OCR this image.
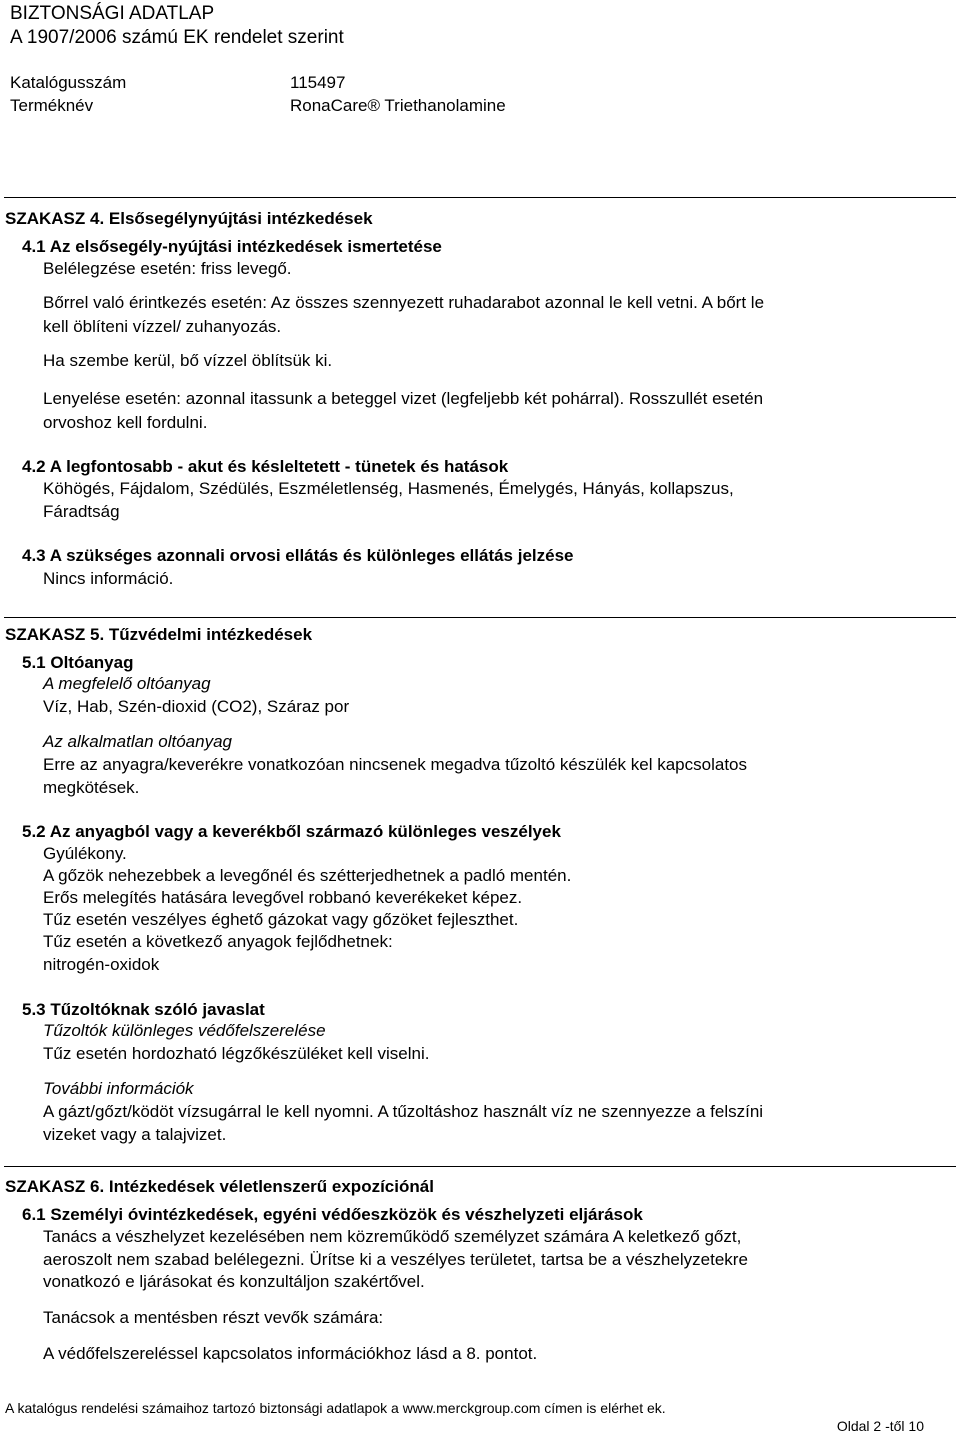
BIZTONSÁGI ADATLAP
A 1907/2006 számú EK rendelet szerint
Katalógusszám	115497
Terméknév	RonaCare® Triethanolamine
SZAKASZ 4. Elsősegélynyújtási intézkedések
4.1 Az elsősegély-nyújtási intézkedések ismertetése
Belélegzése esetén: friss levegő.
Bőrrel való érintkezés esetén: Az összes szennyezett ruhadarabot azonnal le kell vetni. A bőrt le
kell öblíteni vízzel/ zuhanyozás.
Ha szembe kerül, bő vízzel öblítsük ki.
Lenyelése esetén: azonnal itassunk a beteggel vizet (legfeljebb két pohárral). Rosszullét esetén
orvoshoz kell fordulni.
4.2 A legfontosabb - akut és késleltetett - tünetek és hatások
Köhögés, Fájdalom, Szédülés, Eszméletlenség, Hasmenés, Émelygés, Hányás, kollapszus,
Fáradtság
4.3 A szükséges azonnali orvosi ellátás és különleges ellátás jelzése
Nincs információ.
SZAKASZ 5. Tűzvédelmi intézkedések
5.1 Oltóanyag
A megfelelő oltóanyag
Víz, Hab, Szén-dioxid (CO2), Száraz por
Az alkalmatlan oltóanyag
Erre az anyagra/keverékre vonatkozóan nincsenek megadva tűzoltó készülék kel kapcsolatos
megkötések.
5.2 Az anyagból vagy a keverékből származó különleges veszélyek
Gyúlékony.
A gőzök nehezebbek a levegőnél és szétterjedhetnek a padló mentén.
Erős melegítés hatására levegővel robbanó keverékeket képez.
Tűz esetén veszélyes éghető gázokat vagy gőzöket fejleszthet.
Tűz esetén a következő anyagok fejlődhetnek:
nitrogén-oxidok
5.3 Tűzoltóknak szóló javaslat
Tűzoltók különleges védőfelszerelése
Tűz esetén hordozható légzőkészüléket kell viselni.
További információk
A gázt/gőzt/ködöt vízsugárral le kell nyomni. A tűzoltáshoz használt víz ne szennyezze a felszíni
vizeket vagy a talajvizet.
SZAKASZ 6. Intézkedések véletlenszerű expozíciónál
6.1 Személyi óvintézkedések, egyéni védőeszközök és vészhelyzeti eljárások
Tanács a vészhelyzet kezelésében nem közreműködő személyzet számára A keletkező gőzt,
aeroszolt nem szabad belélegezni. Ürítse ki a veszélyes területet, tartsa be a vészhelyzetekre
vonatkozó e ljárásokat és konzultáljon szakértővel.
Tanácsok a mentésben részt vevők számára:
A védőfelszereléssel kapcsolatos információkhoz lásd a 8. pontot.
A katalógus rendelési számaihoz tartozó biztonsági adatlapok a www.merckgroup.com címen is elérhet ek.
Oldal 2 -től 10
